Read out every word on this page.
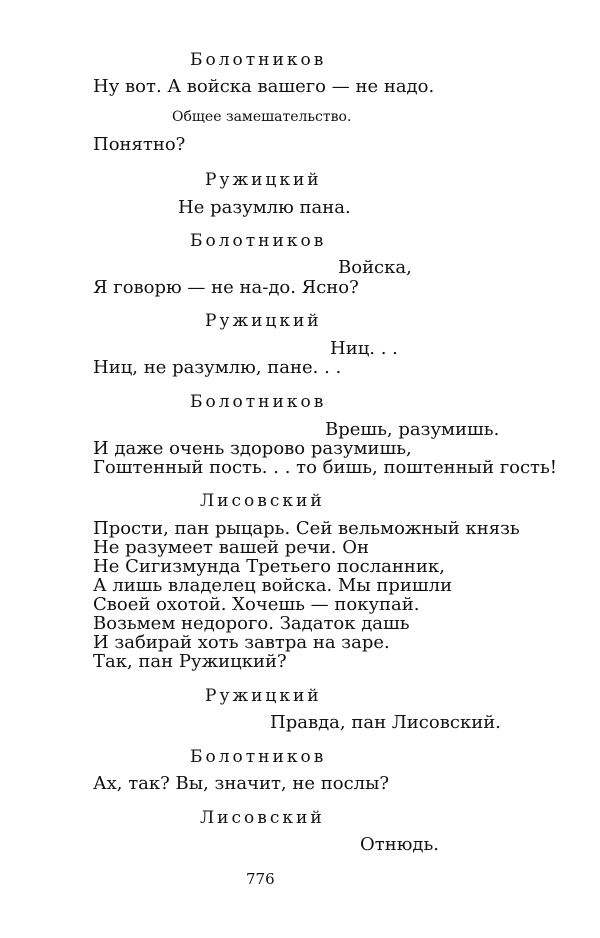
Болотников
Ну вот. А войска вашего — не надо.
Общее замешательство.
Понятно?
Ружицкий
Не разумлю пана.
Болотников
Войска,
Я говорю — не на-до. Ясно?
Ружицкий
Ниц. . .
Ниц, не разумлю, пане. . .
Болотников
Врешь, разумишь.
И даже очень здорово разумишь,
Гоштенный пость. . . то бишь, поштенный гость!
Лисовский
Прости, пан рыцарь. Сей вельможный князь
Не разумеет вашей речи. Он
Не Сигизмунда Третьего посланник,
А лишь владелец войска. Мы пришли
Своей охотой. Хочешь — покупай.
Возьмем недорого. Задаток дашь
И забирай хоть завтра на заре.
Так, пан Ружицкий?
Ружицкий
Правда, пан Лисовский.
Болотников
Ах, так? Вы, значит, не послы?
Лисовский
Отнюдь.
776
